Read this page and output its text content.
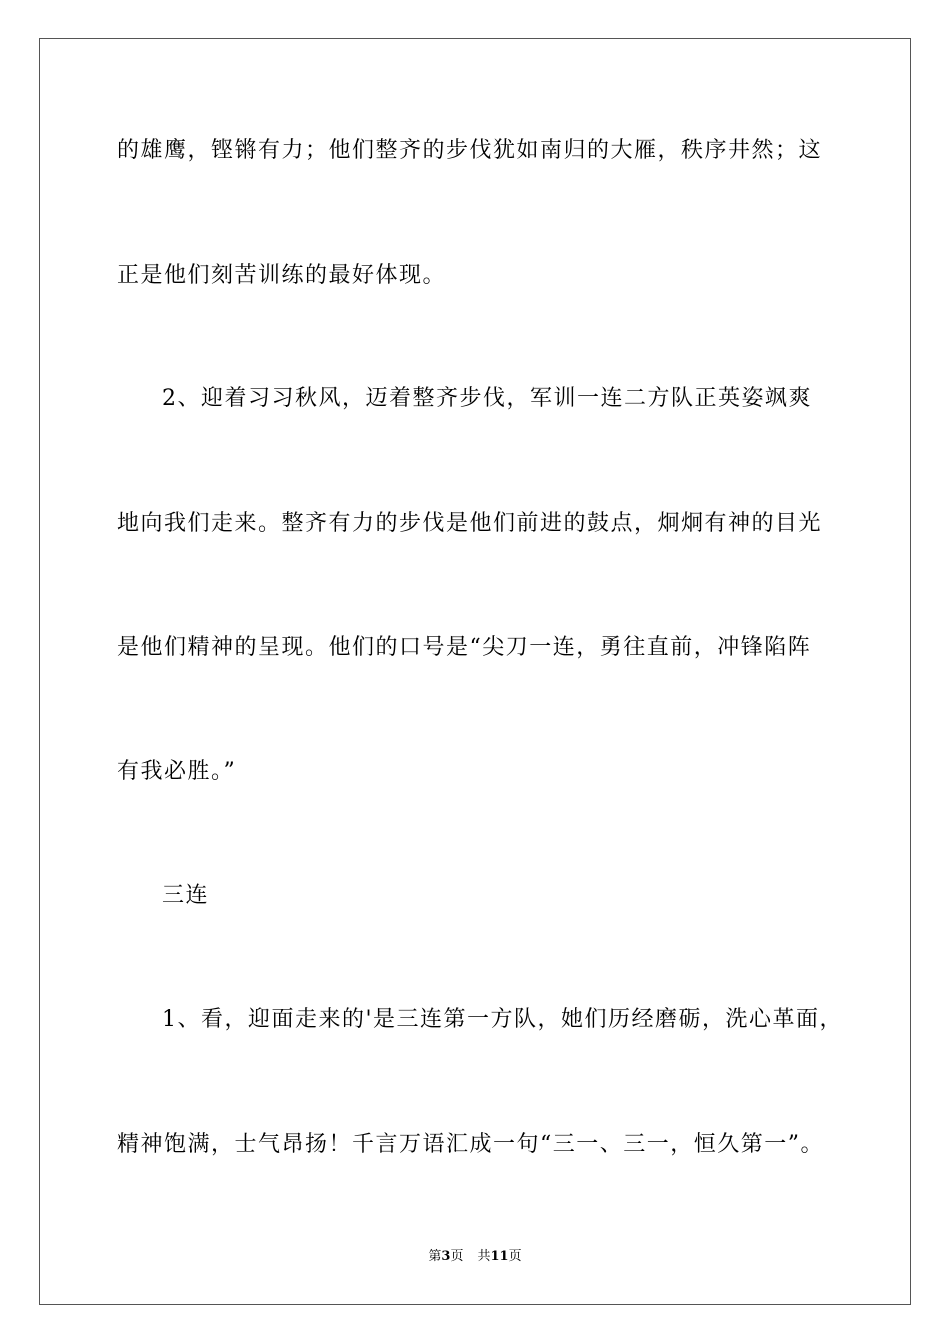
的雄鹰，铿锵有力；他们整齐的步伐犹如南归的大雁，秩序井然；这
正是他们刻苦训练的最好体现。
2、迎着习习秋风，迈着整齐步伐，军训一连二方队正英姿飒爽
地向我们走来。整齐有力的步伐是他们前进的鼓点，炯炯有神的目光
是他们精神的呈现。他们的口号是“尖刀一连，勇往直前，冲锋陷阵
有我必胜。”
三连
1、看，迎面走来的'是三连第一方队，她们历经磨砺，洗心革面，
精神饱满，士气昂扬！千言万语汇成一句“三一、三一，恒久第一”。
第3页 共11页
